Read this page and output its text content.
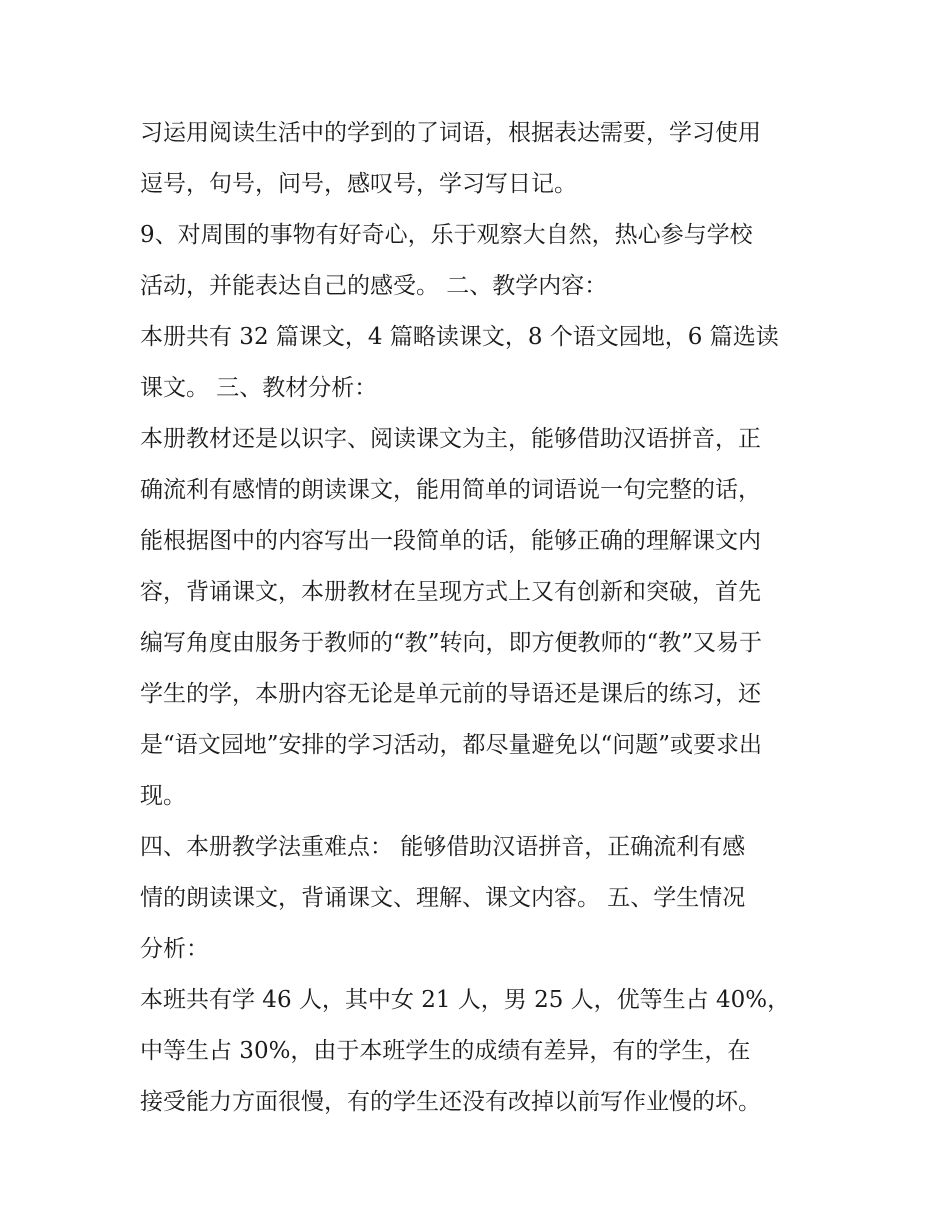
习运用阅读生活中的学到的了词语，根据表达需要，学习使用
逗号，句号，问号，感叹号，学习写日记。
9、对周围的事物有好奇心，乐于观察大自然，热心参与学校
活动，并能表达自己的感受。 二、教学内容：
本册共有 32 篇课文，4 篇略读课文，8 个语文园地，6 篇选读
课文。 三、教材分析：
本册教材还是以识字、阅读课文为主，能够借助汉语拼音，正
确流利有感情的朗读课文，能用简单的词语说一句完整的话，
能根据图中的内容写出一段简单的话，能够正确的理解课文内
容，背诵课文，本册教材在呈现方式上又有创新和突破，首先
编写角度由服务于教师的“教”转向，即方便教师的“教”又易于
学生的学，本册内容无论是单元前的导语还是课后的练习，还
是“语文园地”安排的学习活动，都尽量避免以“问题”或要求出
现。
四、本册教学法重难点： 能够借助汉语拼音，正确流利有感
情的朗读课文，背诵课文、理解、课文内容。 五、学生情况
分析：
本班共有学 46 人，其中女 21 人，男 25 人，优等生占 40%，
中等生占 30%，由于本班学生的成绩有差异，有的学生，在
接受能力方面很慢，有的学生还没有改掉以前写作业慢的坏。
